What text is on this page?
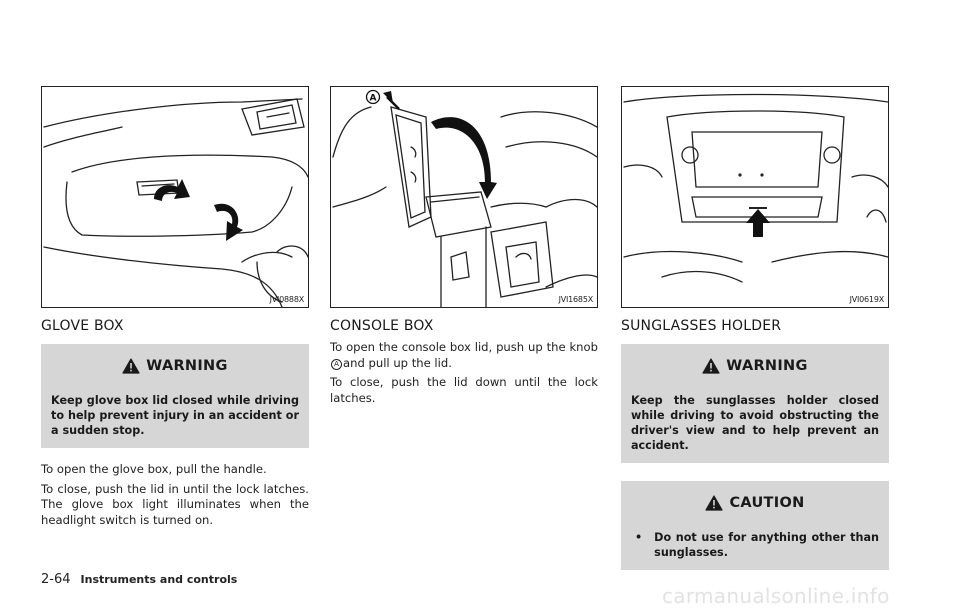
JVI0888X
GLOVE BOX
WARNING

Keep glove box lid closed while driving to help prevent injury in an accident or a sudden stop.

To open the glove box, pull the handle.

To close, push the lid in until the lock latches. The glove box light illuminates when the headlight switch is turned on.

A
JVI1685X
CONSOLE BOX

To open the console box lid, push up the knobA and pull up the lid.

To close, push the lid down until the lock latches.

JVI0619X
SUNGLASSES HOLDER
WARNING

Keep the sunglasses holder closed while driving to avoid obstructing the driver's view and to help prevent an accident.

CAUTION
• Do not use for anything other than sunglasses.
2-64 Instruments and controls
carmanualsonline.info
